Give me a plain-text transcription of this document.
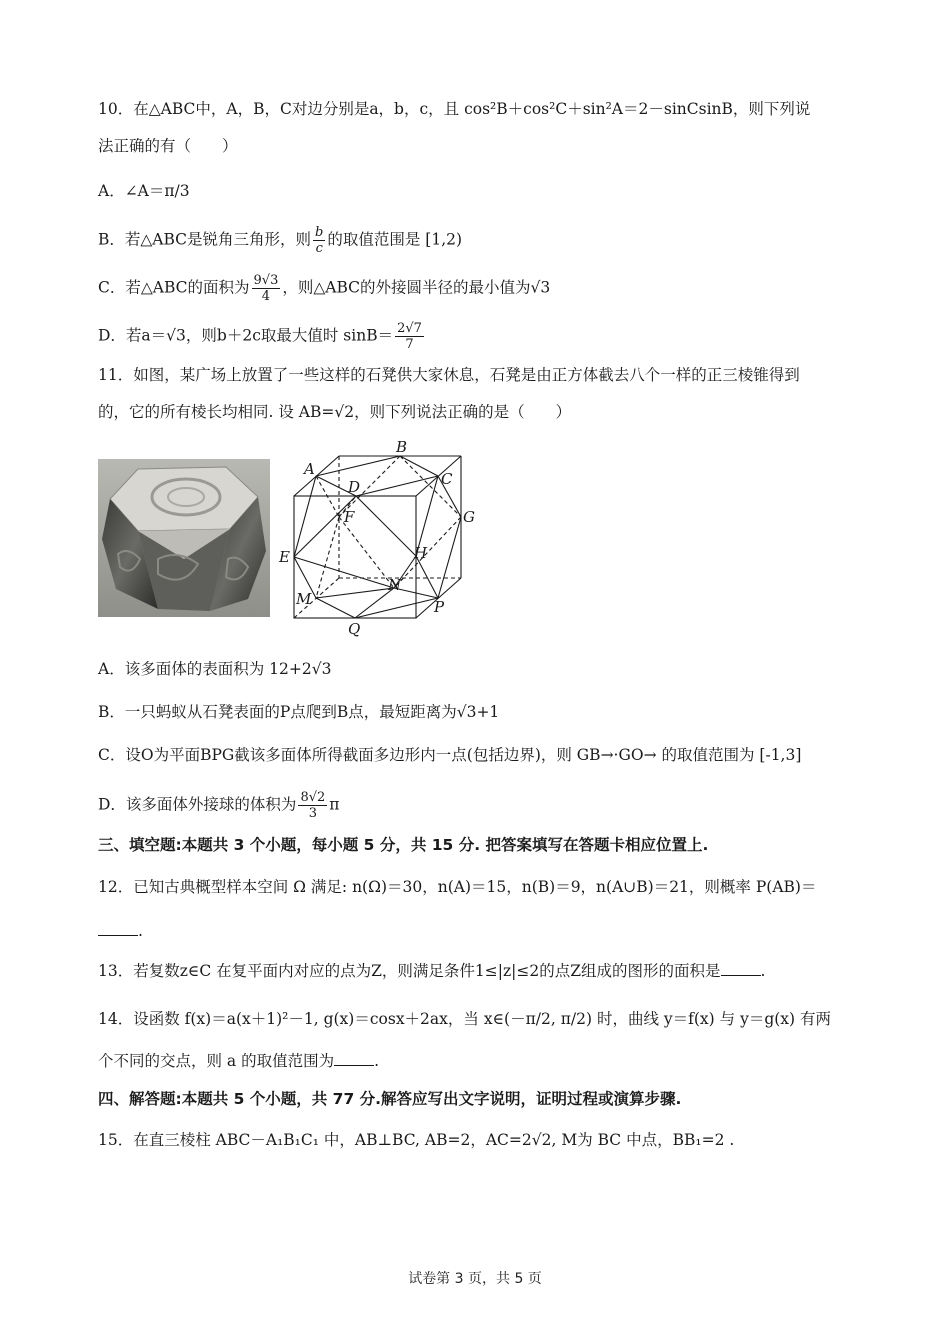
10．在△ABC中，A，B，C对边分别是a，b，c，且 cos²B＋cos²C＋sin²A＝2－sinCsinB，则下列说
法正确的有（　　）
A．∠A＝π/3
B．若△ABC是锐角三角形，则 $\frac{b}{c}$ 的取值范围是 [1,2)
C．若△ABC的面积为 $\frac{9√3}{4}$ ，则△ABC的外接圆半径的最小值为√3
D．若a＝√3，则b＋2c取最大值时 $\sin B= \frac{2√7}{7}$
11．如图，某广场上放置了一些这样的石凳供大家休息，石凳是由正方体截去八个一样的正三棱锥得到
的，它的所有棱长均相同. 设 AB=√2，则下列说法正确的是（　　）
A
B
C
D
F	G
E	H
N
M	P
Q
A．该多面体的表面积为 12+2√3
B．一只蚂蚁从石凳表面的P点爬到B点，最短距离为√3+1
C．设O为平面BPG截该多面体所得截面多边形内一点(包括边界)，则 GB→·GO→ 的取值范围为 [-1,3]
D．该多面体外接球的体积为 $\frac{8√2}{3}$ π
三、填空题:本题共 3 个小题，每小题 5 分，共 15 分. 把答案填写在答题卡相应位置上.
12．已知古典概型样本空间 Ω 满足: n(Ω)＝30，n(A)＝15，n(B)＝9，n(A∪B)＝21，则概率 P(AB)＝
.
13．若复数z∈C 在复平面内对应的点为Z，则满足条件1≤|z|≤2的点Z组成的图形的面积是	.
14．设函数 f(x)＝a(x＋1)²－1, g(x)＝cosx＋2ax，当 x∈(－π/2, π/2) 时，曲线 y＝f(x) 与 y＝g(x) 有两
个不同的交点，则 a 的取值范围为	.
四、解答题:本题共 5 个小题，共 77 分.解答应写出文字说明，证明过程或演算步骤.
15．在直三棱柱 ABC－A₁B₁C₁ 中，AB⊥BC, AB=2，AC=2√2, M为 BC 中点，BB₁=2 .
试卷第 3 页，共 5 页
